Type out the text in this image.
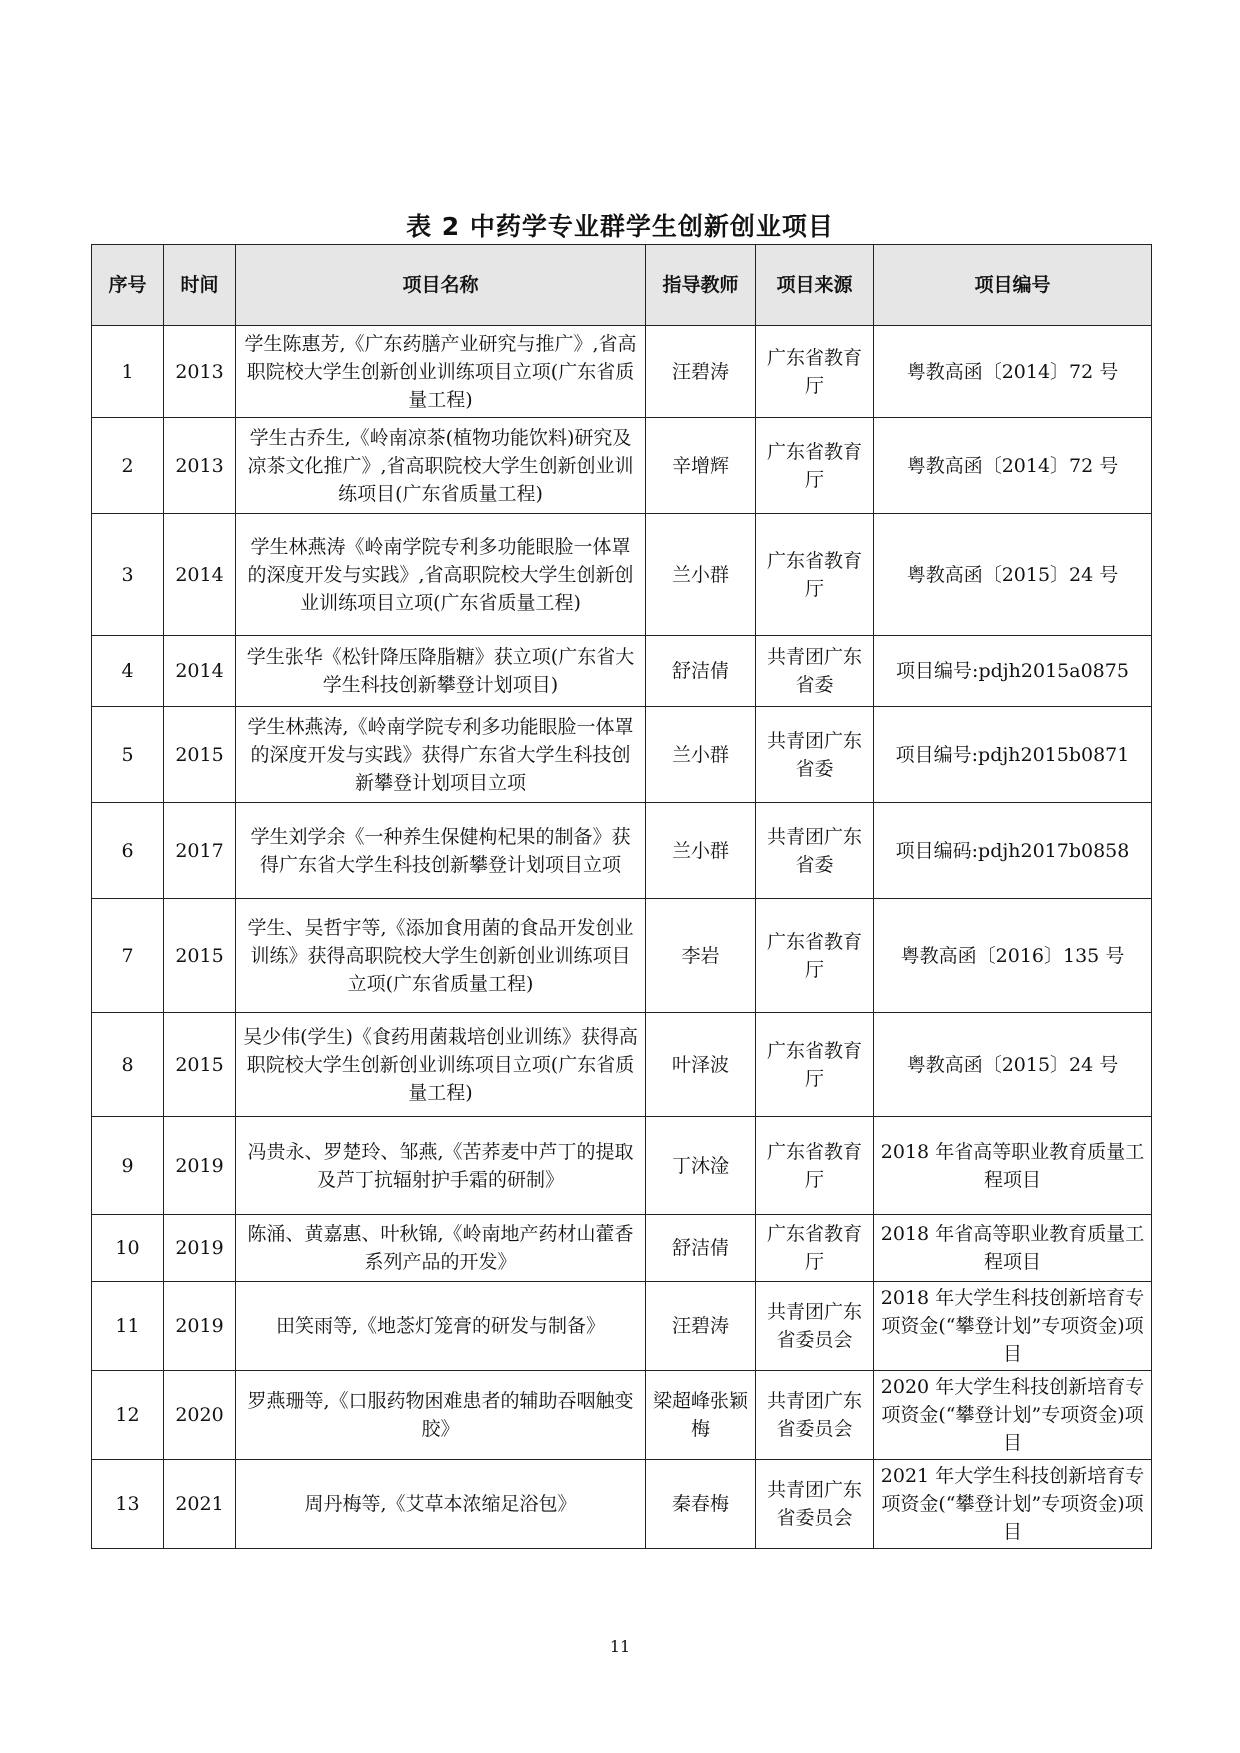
表 2 中药学专业群学生创新创业项目
序号	时间	项目名称	指导教师	项目来源	项目编号
1	2013	学生陈惠芳,《广东药膳产业研究与推广》,省高职院校大学生创新创业训练项目立项(广东省质量工程)	汪碧涛	广东省教育厅	粤教高函〔2014〕72 号
2	2013	学生古乔生,《岭南凉茶(植物功能饮料)研究及凉茶文化推广》,省高职院校大学生创新创业训练项目(广东省质量工程)	辛增辉	广东省教育厅	粤教高函〔2014〕72 号
3	2014	学生林燕涛《岭南学院专利多功能眼脸一体罩的深度开发与实践》,省高职院校大学生创新创业训练项目立项(广东省质量工程)	兰小群	广东省教育厅	粤教高函〔2015〕24 号
4	2014	学生张华《松针降压降脂糖》获立项(广东省大学生科技创新攀登计划项目)	舒洁倩	共青团广东省委	项目编号:pdjh2015a0875
5	2015	学生林燕涛,《岭南学院专利多功能眼脸一体罩的深度开发与实践》获得广东省大学生科技创新攀登计划项目立项	兰小群	共青团广东省委	项目编号:pdjh2015b0871
6	2017	学生刘学余《一种养生保健枸杞果的制备》获得广东省大学生科技创新攀登计划项目立项	兰小群	共青团广东省委	项目编码:pdjh2017b0858
7	2015	学生、吴哲宇等,《添加食用菌的食品开发创业训练》获得高职院校大学生创新创业训练项目立项(广东省质量工程)	李岩	广东省教育厅	粤教高函〔2016〕135 号
8	2015	吴少伟(学生)《食药用菌栽培创业训练》获得高职院校大学生创新创业训练项目立项(广东省质量工程)	叶泽波	广东省教育厅	粤教高函〔2015〕24 号
9	2019	冯贵永、罗楚玲、邹燕,《苦荞麦中芦丁的提取及芦丁抗辐射护手霜的研制》	丁沐淦	广东省教育厅	2018 年省高等职业教育质量工程项目
10	2019	陈涌、黄嘉惠、叶秋锦,《岭南地产药材山藿香系列产品的开发》	舒洁倩	广东省教育厅	2018 年省高等职业教育质量工程项目
11	2019	田笑雨等,《地菍灯笼膏的研发与制备》	汪碧涛	共青团广东省委员会	2018 年大学生科技创新培育专项资金(“攀登计划”专项资金)项目
12	2020	罗燕珊等,《口服药物困难患者的辅助吞咽触变胶》	梁超峰张颖梅	共青团广东省委员会	2020 年大学生科技创新培育专项资金(“攀登计划”专项资金)项目
13	2021	周丹梅等,《艾草本浓缩足浴包》	秦春梅	共青团广东省委员会	2021 年大学生科技创新培育专项资金(“攀登计划”专项资金)项目
11
